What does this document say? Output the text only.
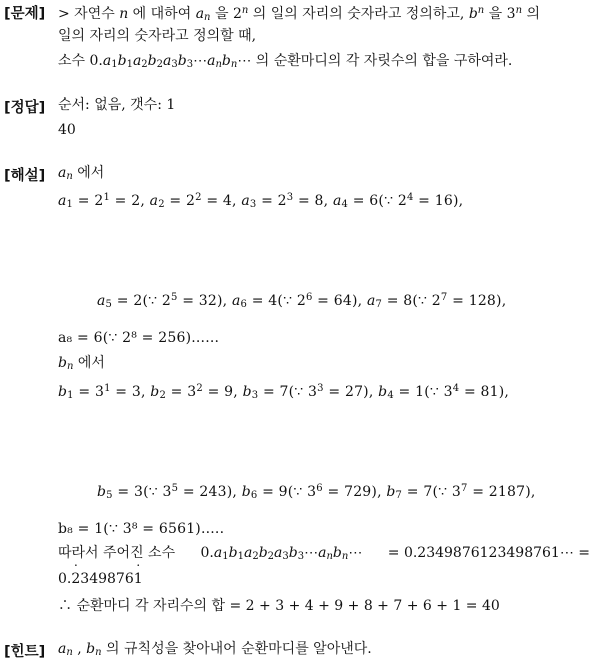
[문제] > 자연수 n 에 대하여 $a_n$ 을 2$^n$ 의 일의 자리의 숫자라고 정의하고, $b^n$ 을 3$^n$ 의
일의 자리의 숫자라고 정의할 때,
소수 $0.a_1b_1a_2b_2a_3b_3\cdots a_nb_n\cdots$ 의 순환마디의 각 자릿수의 합을 구하여라.
[정답] 순서: 없음, 갯수: 1
40
[해설] $a_n$ 에서
$a_1 = 2^1 = 2$, $a_2 = 2^2 = 4$, $a_3 = 2^3 = 8$, $a_4$ = 6(∵ $2^4 = 16$),
$a_5$ = 2(∵ $2^5 = 32$), $a_6$ = 4(∵ $2^6 = 64$), $a_7$ = 8(∵ $2^7 = 128$),
a₈ = 6(∵ 2⁸ = 256)......
$b_n$ 에서
$b_1 = 3^1 = 3$, $b_2 = 3^2 = 9$, $b_3$ = 7(∵ $3^3 = 27$), $b_4$ = 1(∵ $3^4 = 81$),
$b_5$ = 3(∵ $3^5 = 243$), $b_6$ = 9(∵ $3^6 = 729$), $b_7$ = 7(∵ $3^7 = 2187$),
b₈ = 1(∵ 3⁸ = 6561).....
따라서 주어진 소수 $0.a_1b_1a_2b_2a_3b_3\cdots a_nb_n\cdots$ = 0.2349876123498761⋯ =
0.˙ 2349876˙ 1
∴ 순환마디 각 자리수의 합 = 2 + 3 + 4 + 9 + 8 + 7 + 6 + 1 = 40
[힌트] $a_n$ , $b_n$ 의 규칙성을 찾아내어 순환마디를 알아낸다.
